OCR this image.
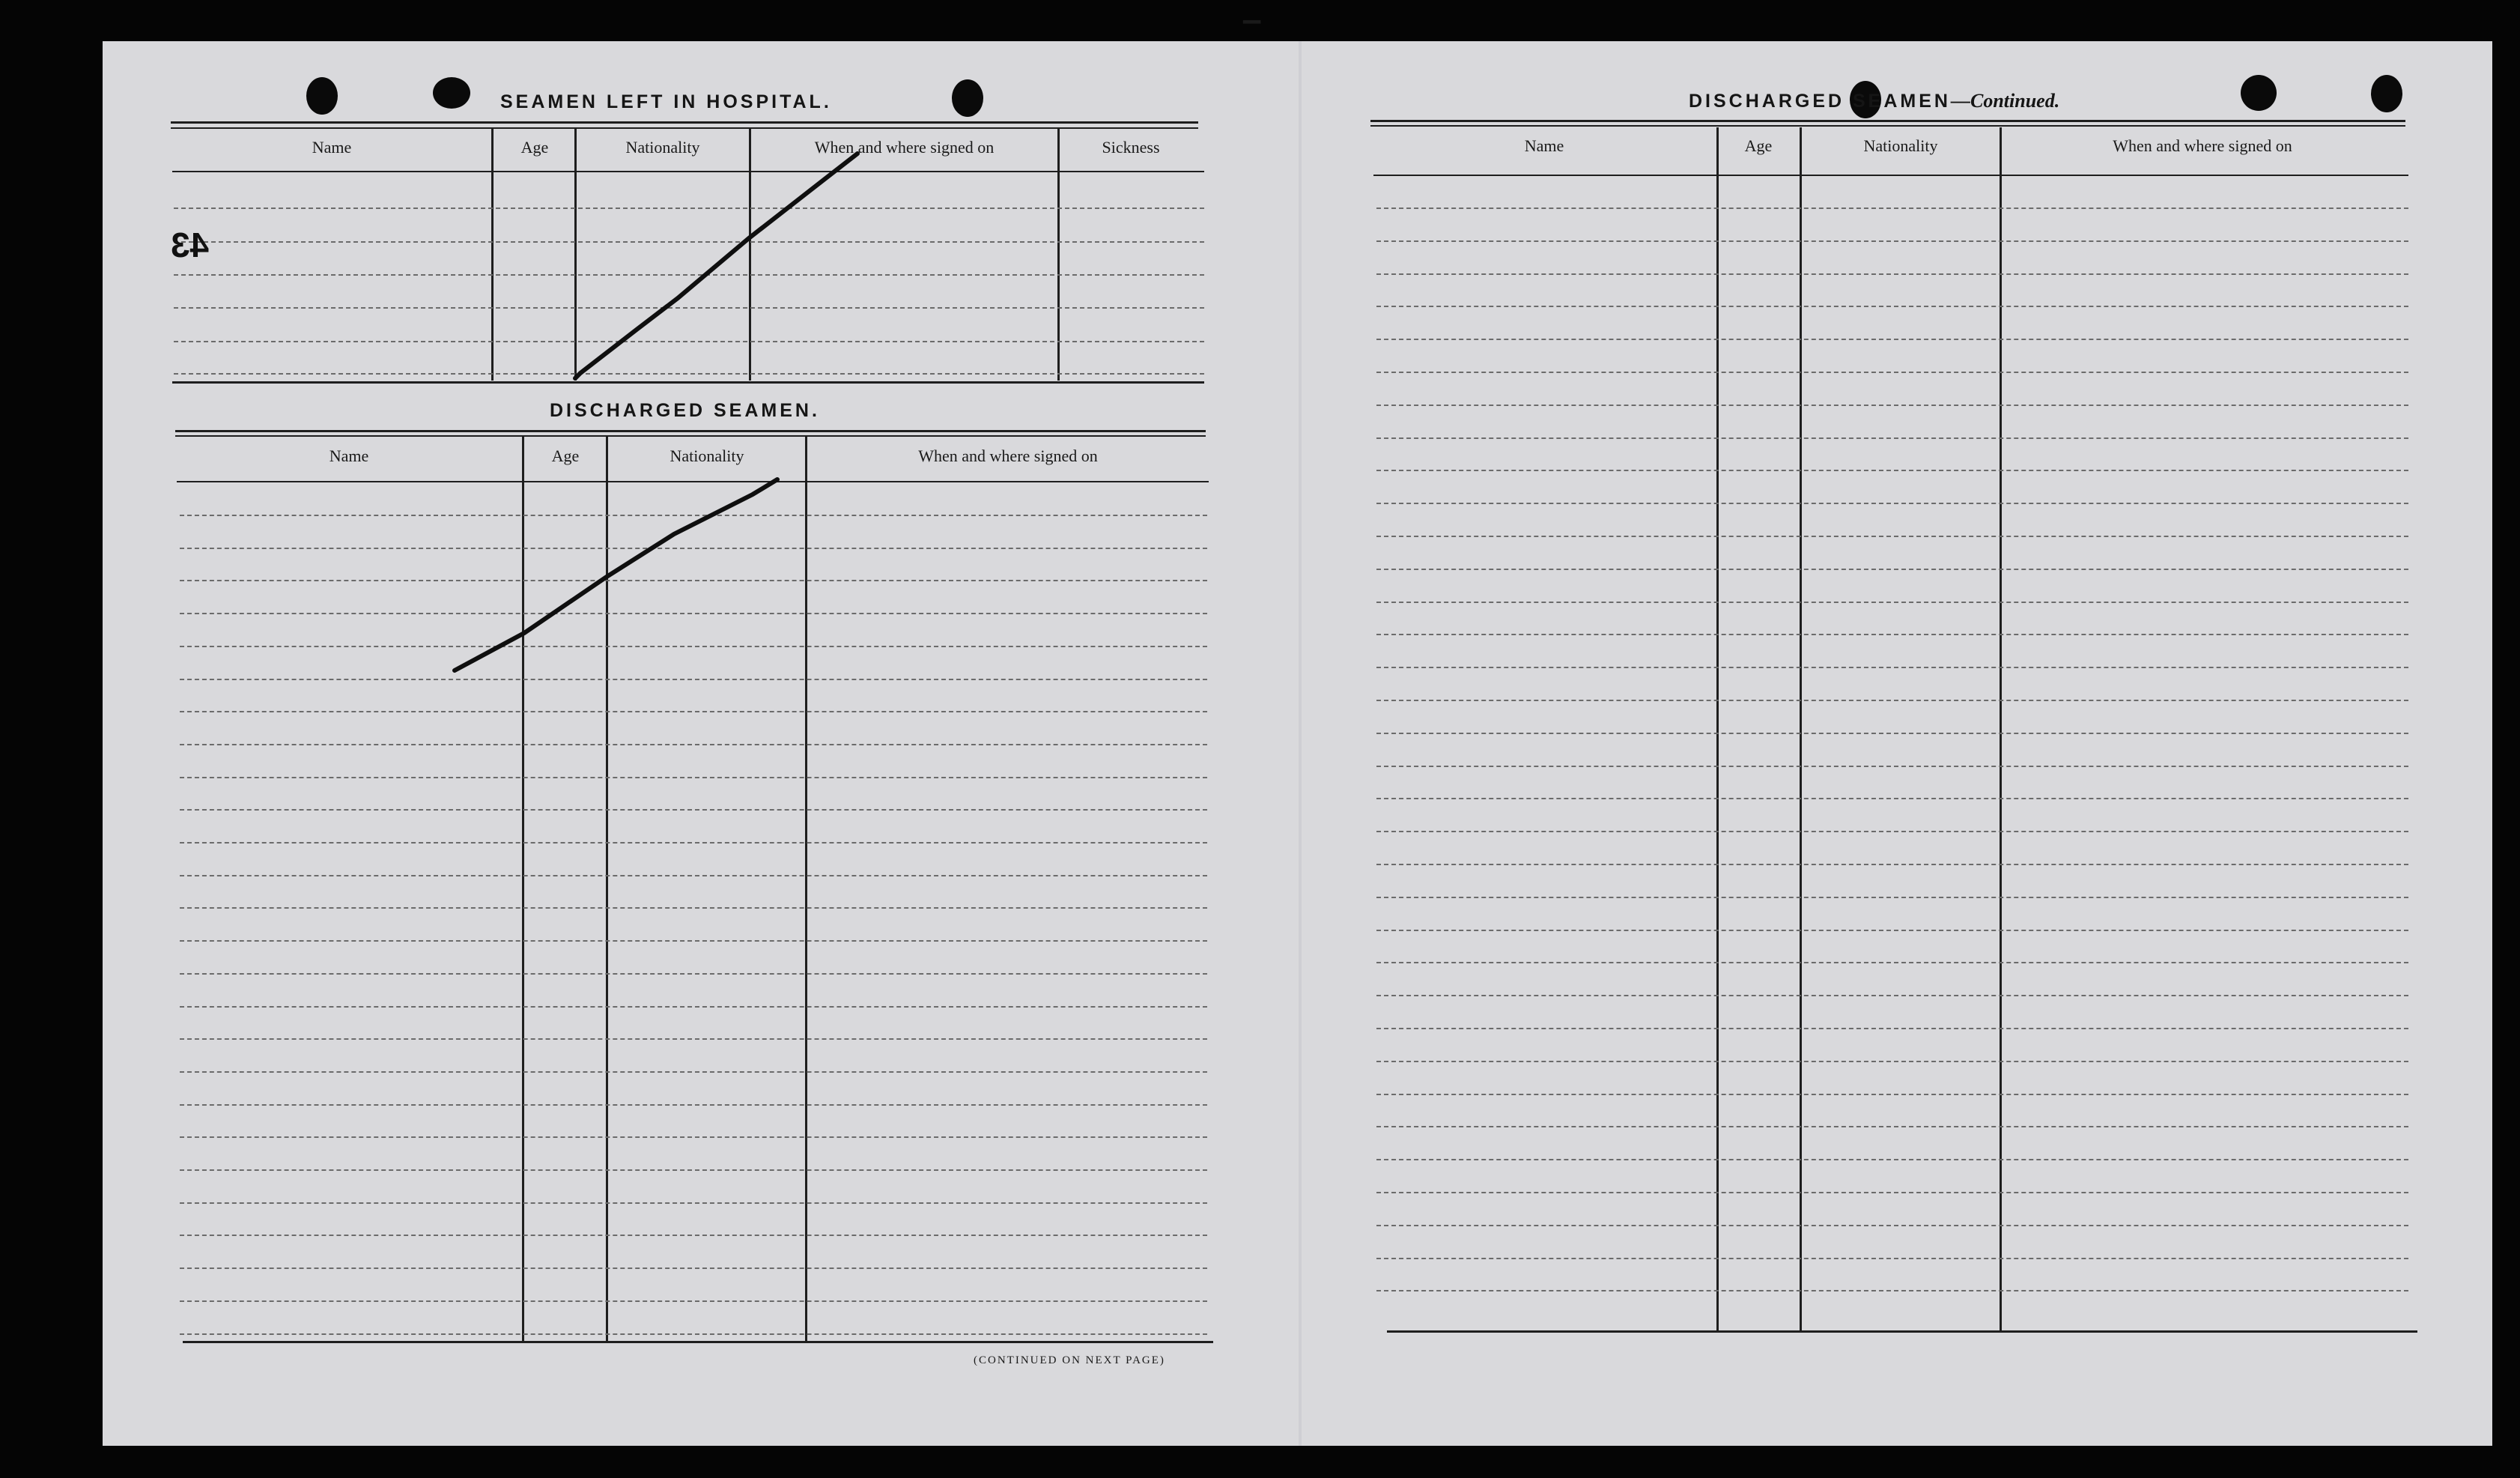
▔
SEAMEN LEFT IN HOSPITAL.
Name	Age	Nationality	When and where signed on	Sickness
43
DISCHARGED SEAMEN.
Name	Age	Nationality	When and where signed on
(CONTINUED ON NEXT PAGE)
DISCHARGED SEAMEN—Continued.
Name	Age	Nationality	When and where signed on
